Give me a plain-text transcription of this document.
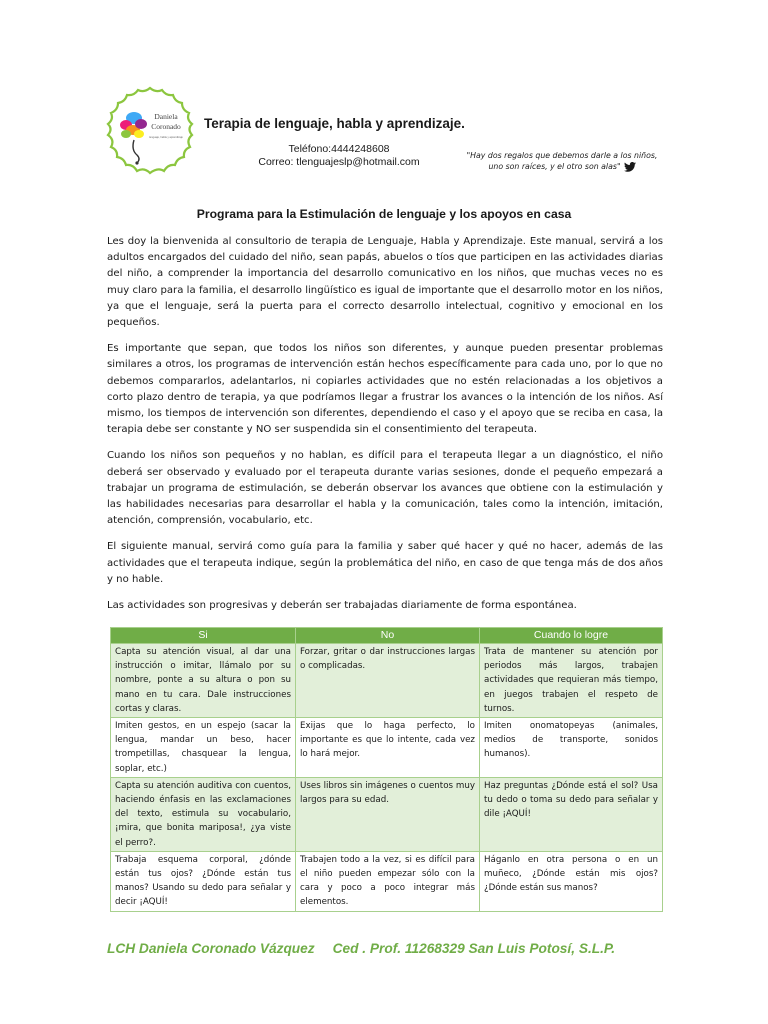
Daniela
Coronado
lenguaje, habla y aprendizaje
Terapia de lenguaje, habla y aprendizaje.
Teléfono:4444248608
Correo: tlenguajeslp@hotmail.com
"Hay dos regalos que debemos darle a los niños,
uno son raíces, y el otro son alas"
Programa para la Estimulación de lenguaje y los apoyos en casa

Les doy la bienvenida al consultorio de terapia de Lenguaje, Habla y Aprendizaje. Este manual, servirá a los adultos encargados del cuidado del niño, sean papás, abuelos o tíos que participen en las actividades diarias del niño, a comprender la importancia del desarrollo comunicativo en los niños, que muchas veces no es muy claro para la familia, el desarrollo lingüístico es igual de importante que el desarrollo motor en los niños, ya que el lenguaje, será la puerta para el correcto desarrollo intelectual, cognitivo y emocional en los pequeños.

Es importante que sepan, que todos los niños son diferentes, y aunque pueden presentar problemas similares a otros, los programas de intervención están hechos específicamente para cada uno, por lo que no debemos compararlos, adelantarlos, ni copiarles actividades que no estén relacionadas a los objetivos a corto plazo dentro de terapia, ya que podríamos llegar a frustrar los avances o la intención de los niños. Así mismo, los tiempos de intervención son diferentes, dependiendo el caso y el apoyo que se reciba en casa, la terapia debe ser constante y NO ser suspendida sin el consentimiento del terapeuta.

Cuando los niños son pequeños y no hablan, es difícil para el terapeuta llegar a un diagnóstico, el niño deberá ser observado y evaluado por el terapeuta durante varias sesiones, donde el pequeño empezará a trabajar un programa de estimulación, se deberán observar los avances que obtiene con la estimulación y las habilidades necesarias para desarrollar el habla y la comunicación, tales como la intención, imitación, atención, comprensión, vocabulario, etc.

El siguiente manual, servirá como guía para la familia y saber qué hacer y qué no hacer, además de las actividades que el terapeuta indique, según la problemática del niño, en caso de que tenga más de dos años y no hable.

Las actividades son progresivas y deberán ser trabajadas diariamente de forma espontánea.

Si	No	Cuando lo logre
Capta su atención visual, al dar una instrucción o imitar, llámalo por su nombre, ponte a su altura o pon su mano en tu cara. Dale instrucciones cortas y claras.	Forzar, gritar o dar instrucciones largas o complicadas.	Trata de mantener su atención por periodos más largos, trabajen actividades que requieran más tiempo, en juegos trabajen el respeto de turnos.
Imiten gestos, en un espejo (sacar la lengua, mandar un beso, hacer trompetillas, chasquear la lengua, soplar, etc.)	Exijas que lo haga perfecto, lo importante es que lo intente, cada vez lo hará mejor.	Imiten onomatopeyas (animales, medios de transporte, sonidos humanos).
Capta su atención auditiva con cuentos, haciendo énfasis en las exclamaciones del texto, estimula su vocabulario, ¡mira, que bonita mariposa!, ¿ya viste el perro?.	Uses libros sin imágenes o cuentos muy largos para su edad.	Haz preguntas ¿Dónde está el sol? Usa tu dedo o toma su dedo para señalar y dile ¡AQUÍ!
Trabaja esquema corporal, ¿dónde están tus ojos? ¿Dónde están tus manos? Usando su dedo para señalar y decir ¡AQUÍ!	Trabajen todo a la vez, si es difícil para el niño pueden empezar sólo con la cara y poco a poco integrar más elementos.	Háganlo en otra persona o en un muñeco, ¿Dónde están mis ojos? ¿Dónde están sus manos?
LCH Daniela Coronado Vázquez Ced . Prof. 11268329 San Luis Potosí, S.L.P.
